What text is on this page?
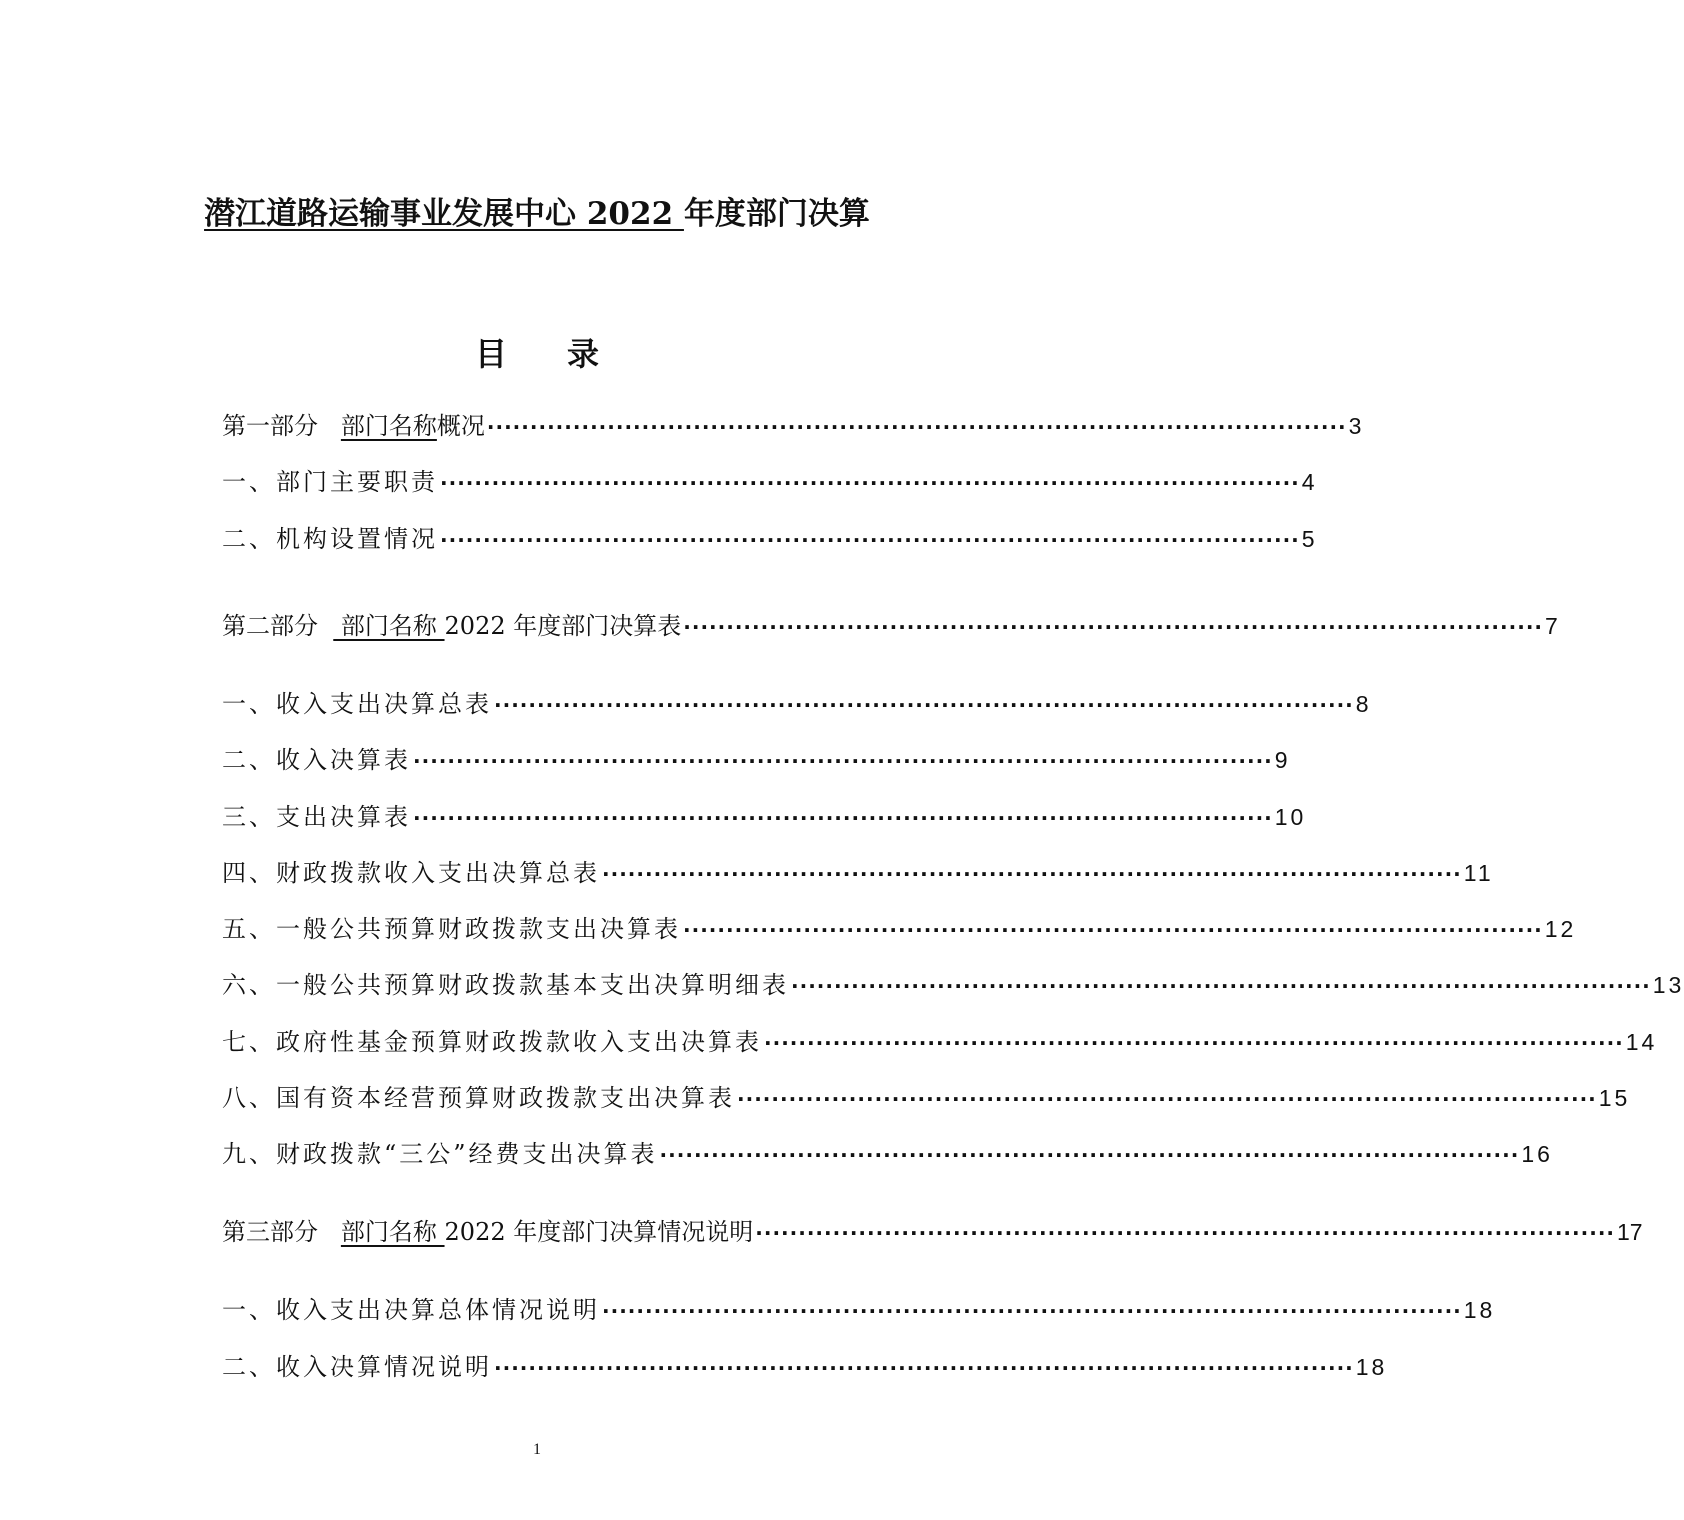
潜江道路运输事业发展中心 2022 年度部门决算
目 录
第一部分 部门名称概况 ···································································································· 3
一、部门主要职责 ···································································································· 4
二、机构设置情况 ···································································································· 5
第二部分   部门名称 2022 年度部门决算表 ···································································································· 7
一、收入支出决算总表 ···································································································· 8
二、收入决算表 ···································································································· 9
三、支出决算表 ···································································································· 10
四、财政拨款收入支出决算总表 ···································································································· 11
五、一般公共预算财政拨款支出决算表 ···································································································· 12
六、一般公共预算财政拨款基本支出决算明细表 ···································································································· 13
七、政府性基金预算财政拨款收入支出决算表 ···································································································· 14
八、国有资本经营预算财政拨款支出决算表 ···································································································· 15
九、财政拨款“三公”经费支出决算表 ···································································································· 16
第三部分 部门名称 2022 年度部门决算情况说明 ···································································································· 17
一、收入支出决算总体情况说明 ···································································································· 18
二、收入决算情况说明 ···································································································· 18
1
